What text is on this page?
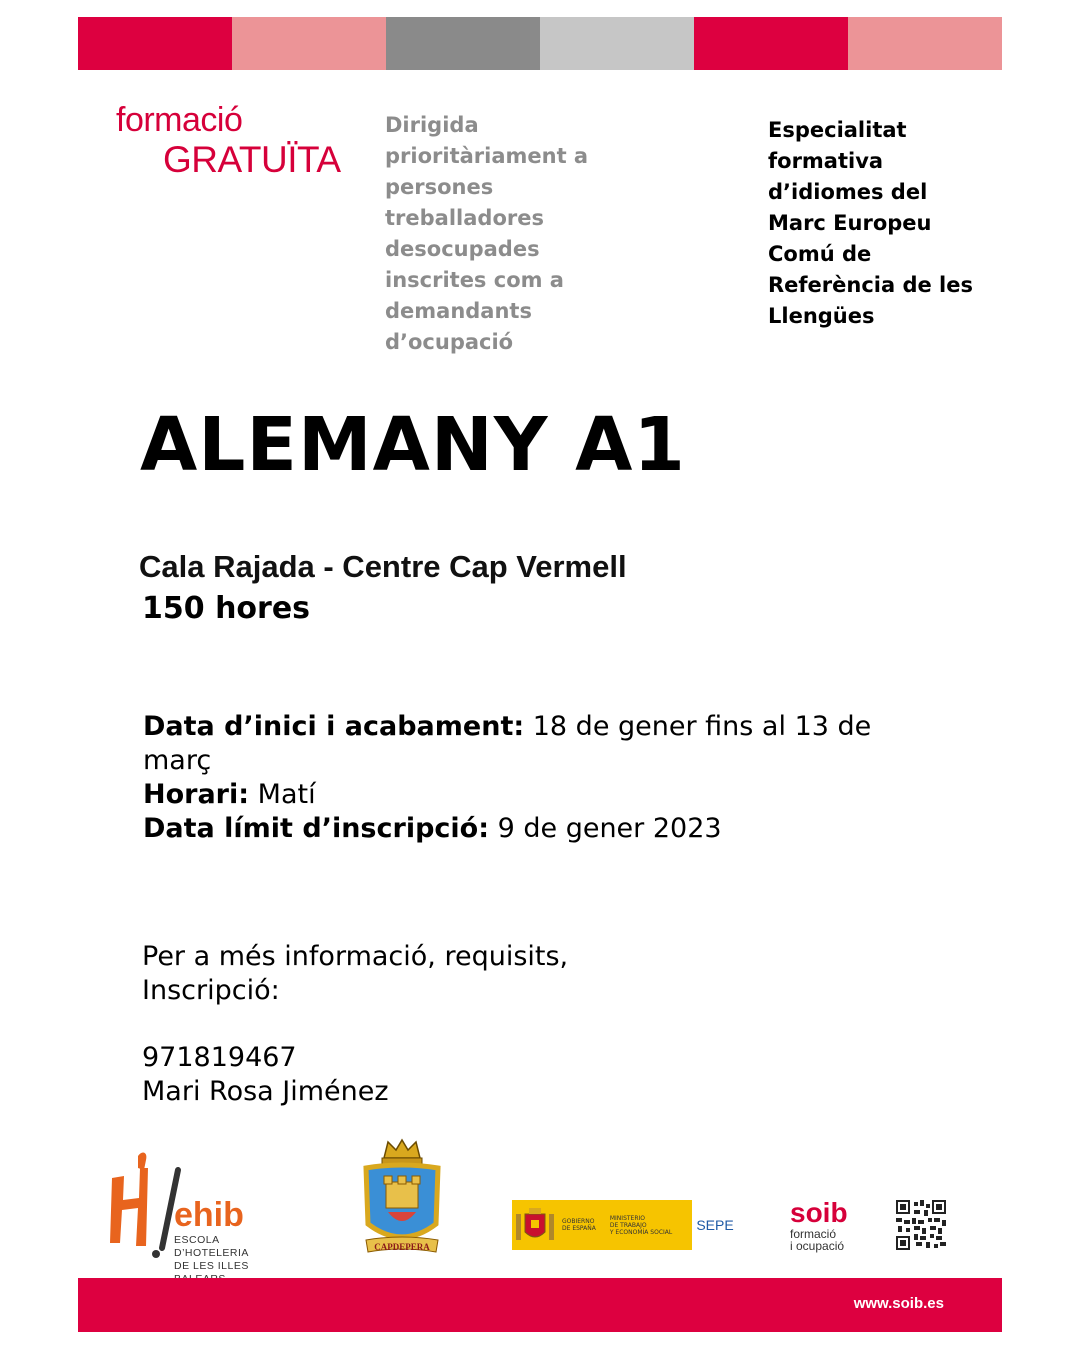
formació
GRATUÏTA
Dirigida
prioritàriament a
persones
treballadores
desocupades
inscrites com a
demandants
d’ocupació
Especialitat
formativa
d’idiomes del
Marc Europeu
Comú de
Referència de les
Llengües
ALEMANY A1
Cala Rajada - Centre Cap Vermell
150 hores
Data d’inici i acabament: 18 de gener fins al 13 de març
Horari: Matí
Data límit d’inscripció: 9 de gener 2023
Per a més informació, requisits,
Inscripció:
971819467
Mari Rosa Jiménez
ehib
ESCOLA D’HOTELERIA
DE LES ILLES
CAPDEPERA
GOBIERNO
DE ESPAÑA
MINISTERIO
DE TRABAJO
Y ECONOMÍA SOCIAL SEPE soib
formació
i ocupació
www.soib.es
